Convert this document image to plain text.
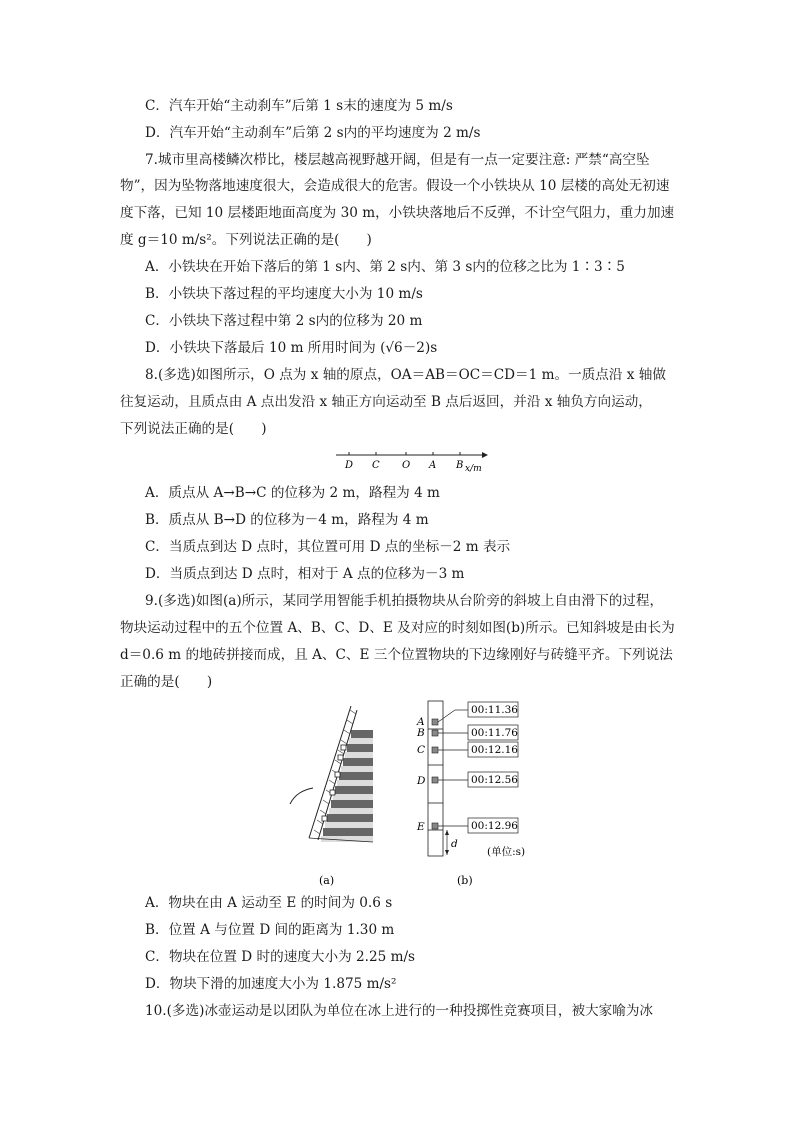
C．汽车开始“主动刹车”后第 1 s末的速度为 5 m/s
D．汽车开始“主动刹车”后第 2 s内的平均速度为 2 m/s
7.城市里高楼鳞次栉比，楼层越高视野越开阔，但是有一点一定要注意: 严禁“高空坠
物”，因为坠物落地速度很大，会造成很大的危害。假设一个小铁块从 10 层楼的高处无初速
度下落，已知 10 层楼距地面高度为 30 m，小铁块落地后不反弹，不计空气阻力，重力加速
度 g＝10 m/s²。下列说法正确的是(　　)
A．小铁块在开始下落后的第 1 s内、第 2 s内、第 3 s内的位移之比为 1∶3∶5
B．小铁块下落过程的平均速度大小为 10 m/s
C．小铁块下落过程中第 2 s内的位移为 20 m
D．小铁块下落最后 10 m 所用时间为 (√6－2)s
8.(多选)如图所示，O 点为 x 轴的原点，OA＝AB＝OC＝CD＝1 m。一质点沿 x 轴做
往复运动，且质点由 A 点出发沿 x 轴正方向运动至 B 点后返回，并沿 x 轴负方向运动，
下列说法正确的是(　　)
D C O A B x/m
A．质点从 A→B→C 的位移为 2 m，路程为 4 m
B．质点从 B→D 的位移为－4 m，路程为 4 m
C．当质点到达 D 点时，其位置可用 D 点的坐标－2 m 表示
D．当质点到达 D 点时，相对于 A 点的位移为－3 m
9.(多选)如图(a)所示，某同学用智能手机拍摄物块从台阶旁的斜坡上自由滑下的过程，
物块运动过程中的五个位置 A、B、C、D、E 及对应的时刻如图(b)所示。已知斜坡是由长为
d＝0.6 m 的地砖拼接而成，且 A、C、E 三个位置物块的下边缘刚好与砖缝平齐。下列说法
正确的是(　　)
(a)
00:11.36
00:11.76
00:12.16
00:12.56
00:12.96
A
B
C
D
E
d
(单位:s)
(b)
A．物块在由 A 运动至 E 的时间为 0.6 s
B．位置 A 与位置 D 间的距离为 1.30 m
C．物块在位置 D 时的速度大小为 2.25 m/s
D．物块下滑的加速度大小为 1.875 m/s²
10.(多选)冰壶运动是以团队为单位在冰上进行的一种投掷性竞赛项目，被大家喻为冰
